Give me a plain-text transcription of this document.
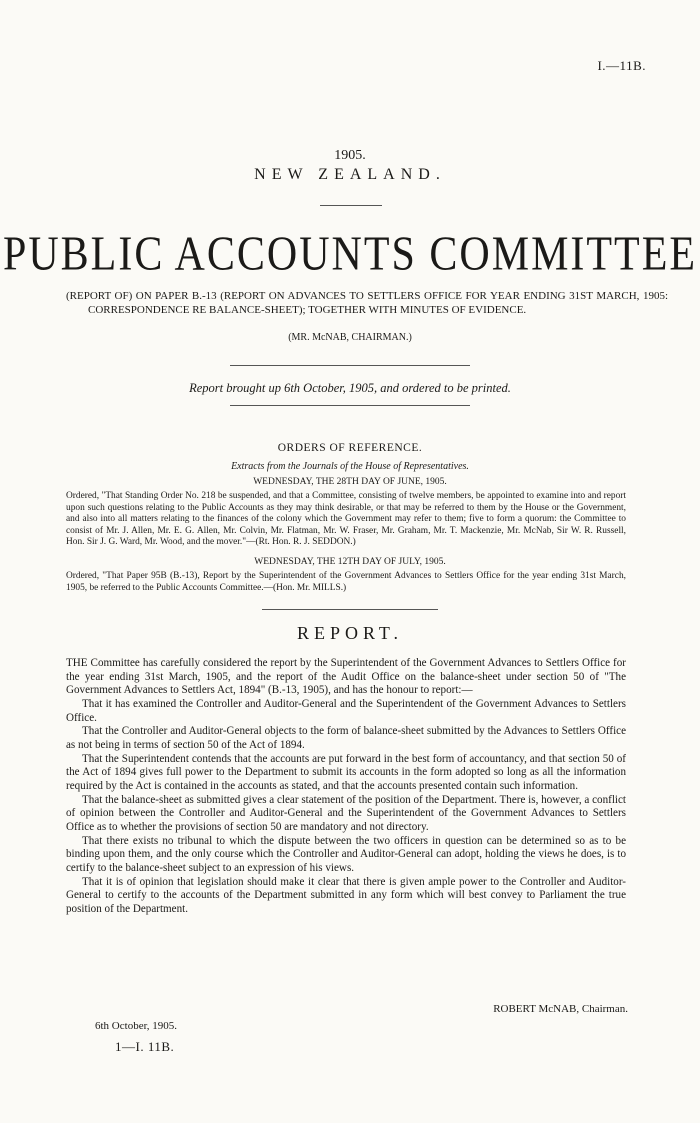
I.—11B.
1905.
NEW ZEALAND.
PUBLIC ACCOUNTS COMMITTEE
(REPORT OF) ON PAPER B.-13 (REPORT ON ADVANCES TO SETTLERS OFFICE FOR YEAR ENDING 31ST MARCH, 1905: CORRESPONDENCE RE BALANCE-SHEET); TOGETHER WITH MINUTES OF EVIDENCE.
(MR. McNAB, CHAIRMAN.)
Report brought up 6th October, 1905, and ordered to be printed.
ORDERS OF REFERENCE.
Extracts from the Journals of the House of Representatives.
WEDNESDAY, THE 28TH DAY OF JUNE, 1905.
Ordered, "That Standing Order No. 218 be suspended, and that a Committee, consisting of twelve members, be appointed to examine into and report upon such questions relating to the Public Accounts as they may think desirable, or that may be referred to them by the House or the Government, and also into all matters relating to the finances of the colony which the Government may refer to them; five to form a quorum: the Committee to consist of Mr. J. Allen, Mr. E. G. Allen, Mr. Colvin, Mr. Flatman, Mr. W. Fraser, Mr. Graham, Mr. T. Mackenzie, Mr. McNab, Sir W. R. Russell, Hon. Sir J. G. Ward, Mr. Wood, and the mover."—(Rt. Hon. R. J. SEDDON.)
WEDNESDAY, THE 12TH DAY OF JULY, 1905.
Ordered, "That Paper 95B (B.-13), Report by the Superintendent of the Government Advances to Settlers Office for the year ending 31st March, 1905, be referred to the Public Accounts Committee.—(Hon. Mr. MILLS.)
REPORT.

THE Committee has carefully considered the report by the Superintendent of the Government Advances to Settlers Office for the year ending 31st March, 1905, and the report of the Audit Office on the balance-sheet under section 50 of "The Government Advances to Settlers Act, 1894" (B.-13, 1905), and has the honour to report:—

That it has examined the Controller and Auditor-General and the Superintendent of the Government Advances to Settlers Office.

That the Controller and Auditor-General objects to the form of balance-sheet submitted by the Advances to Settlers Office as not being in terms of section 50 of the Act of 1894.

That the Superintendent contends that the accounts are put forward in the best form of accountancy, and that section 50 of the Act of 1894 gives full power to the Department to submit its accounts in the form adopted so long as all the information required by the Act is contained in the accounts as stated, and that the accounts presented contain such information.

That the balance-sheet as submitted gives a clear statement of the position of the Department. There is, however, a conflict of opinion between the Controller and Auditor-General and the Superintendent of the Government Advances to Settlers Office as to whether the provisions of section 50 are mandatory and not directory.

That there exists no tribunal to which the dispute between the two officers in question can be determined so as to be binding upon them, and the only course which the Controller and Auditor-General can adopt, holding the views he does, is to certify to the balance-sheet subject to an expression of his views.

That it is of opinion that legislation should make it clear that there is given ample power to the Controller and Auditor-General to certify to the accounts of the Department submitted in any form which will best convey to Parliament the true position of the Department.

ROBERT McNAB, Chairman.
6th October, 1905.
1—I. 11B.
